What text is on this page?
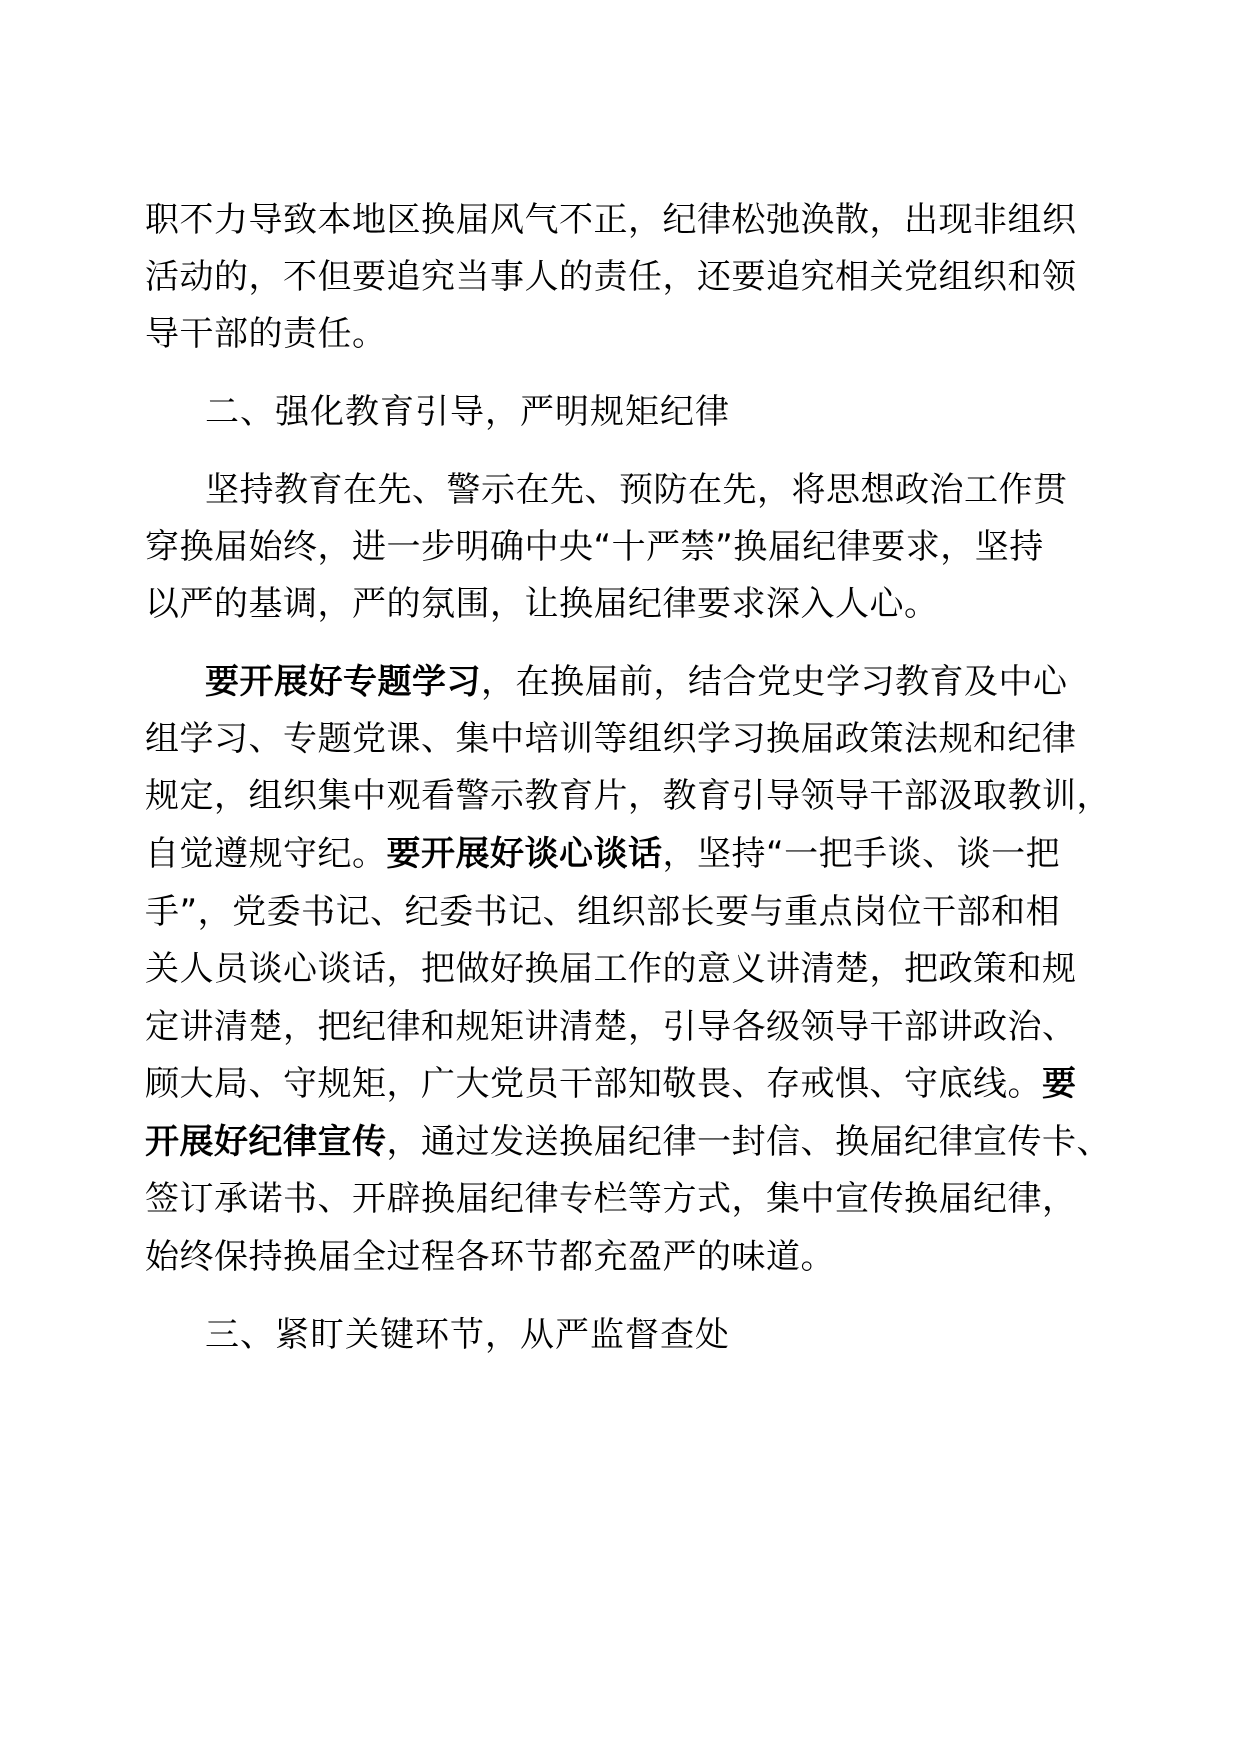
职不力导致本地区换届风气不正，纪律松弛涣散，出现非组织
活动的，不但要追究当事人的责任，还要追究相关党组织和领
导干部的责任。
二、强化教育引导，严明规矩纪律
坚持教育在先、警示在先、预防在先，将思想政治工作贯
穿换届始终，进一步明确中央“十严禁”换届纪律要求，坚持
以严的基调，严的氛围，让换届纪律要求深入人心。
要开展好专题学习，在换届前，结合党史学习教育及中心
组学习、专题党课、集中培训等组织学习换届政策法规和纪律
规定，组织集中观看警示教育片，教育引导领导干部汲取教训，
自觉遵规守纪。要开展好谈心谈话，坚持“一把手谈、谈一把
手”，党委书记、纪委书记、组织部长要与重点岗位干部和相
关人员谈心谈话，把做好换届工作的意义讲清楚，把政策和规
定讲清楚，把纪律和规矩讲清楚，引导各级领导干部讲政治、
顾大局、守规矩，广大党员干部知敬畏、存戒惧、守底线。要
开展好纪律宣传，通过发送换届纪律一封信、换届纪律宣传卡、
签订承诺书、开辟换届纪律专栏等方式，集中宣传换届纪律，
始终保持换届全过程各环节都充盈严的味道。
三、紧盯关键环节，从严监督查处
